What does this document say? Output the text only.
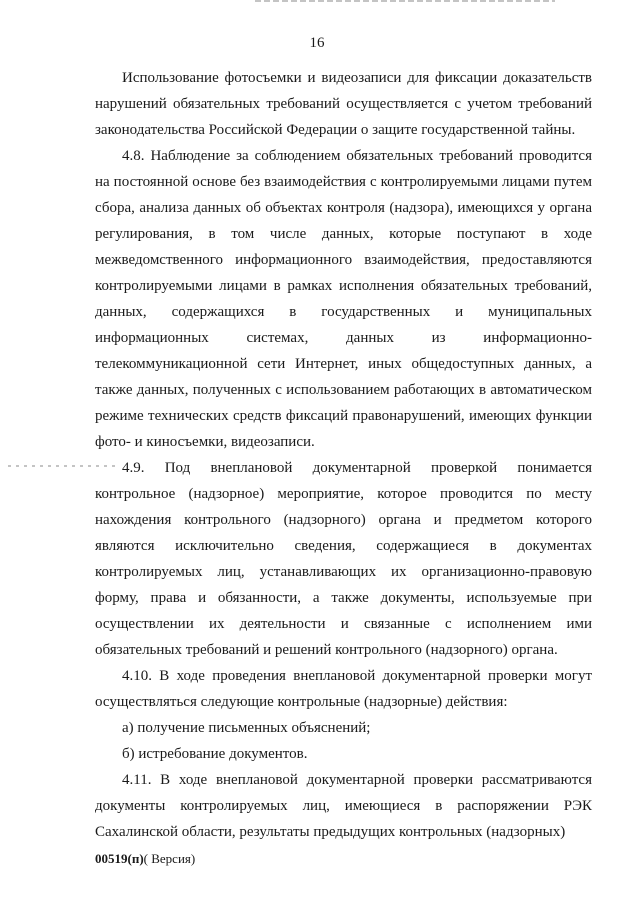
16

Использование фотосъемки и видеозаписи для фиксации доказательств нарушений обязательных требований осуществляется с учетом требований законодательства Российской Федерации о защите государственной тайны.

4.8. Наблюдение за соблюдением обязательных требований проводится на постоянной основе без взаимодействия с контролируемыми лицами путем сбора, анализа данных об объектах контроля (надзора), имеющихся у органа регулирования, в том числе данных, которые поступают в ходе межведомственного информационного взаимодействия, предоставляются контролируемыми лицами в рамках исполнения обязательных требований, данных, содержащихся в государственных и муниципальных информационных системах, данных из информационно-телекоммуникационной сети Интернет, иных общедоступных данных, а также данных, полученных с использованием работающих в автоматическом режиме технических средств фиксаций правонарушений, имеющих функции фото- и киносъемки, видеозаписи.

4.9. Под внеплановой документарной проверкой понимается контрольное (надзорное) мероприятие, которое проводится по месту нахождения контрольного (надзорного) органа и предметом которого являются исключительно сведения, содержащиеся в документах контролируемых лиц, устанавливающих их организационно-правовую форму, права и обязанности, а также документы, используемые при осуществлении их деятельности и связанные с исполнением ими обязательных требований и решений контрольного (надзорного) органа.

4.10. В ходе проведения внеплановой документарной проверки могут осуществляться следующие контрольные (надзорные) действия:

а) получение письменных объяснений;

б) истребование документов.

4.11. В ходе внеплановой документарной проверки рассматриваются документы контролируемых лиц, имеющиеся в распоряжении РЭК Сахалинской области, результаты предыдущих контрольных (надзорных)

00519(п)( Версия)
